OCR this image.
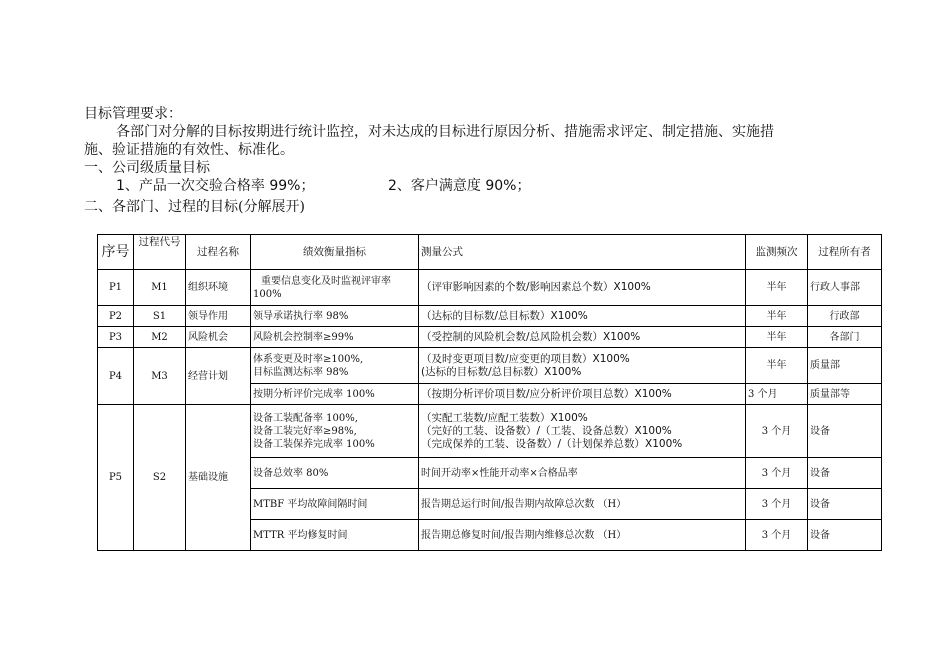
目标管理要求：
各部门对分解的目标按期进行统计监控，对未达成的目标进行原因分析、措施需求评定、制定措施、实施措
施、验证措施的有效性、标准化。
一、公司级质量目标
1、产品一次交验合格率 99%；	2、客户满意度 90%；
二、各部门、过程的目标(分解展开)
序号	过程代号	过程名称	绩效衡量指标	测量公式	监测频次	过程所有者
P1	M1	组织环境	重要信息变化及时监视评审率
100%	（评审影响因素的个数/影响因素总个数）X100%	半年	行政人事部
P2	S1	领导作用	领导承诺执行率 98%	（达标的目标数/总目标数）X100%	半年	行政部
P3	M2	风险机会	风险机会控制率≥99%	（受控制的风险机会数/总风险机会数）X100%	半年	各部门
P4	M3	经营计划	体系变更及时率≥100%,
目标监测达标率 98%	（及时变更项目数/应变更的项目数）X100%
(达标的目标数/总目标数）X100%	半年	质量部
			按期分析评价完成率 100%	（按期分析评价项目数/应分析评价项目总数）X100%	3 个月	质量部等
P5	S2	基础设施	设备工装配备率 100%,
设备工装完好率≥98%,
设备工装保养完成率 100%	（实配工装数/应配工装数）X100%
（完好的工装、设备数）/（工装、设备总数）X100%
（完成保养的工装、设备数）/（计划保养总数）X100%	3 个月	设备
			设备总效率 80%	时间开动率×性能开动率×合格品率	3 个月	设备
			MTBF 平均故障间隔时间	报告期总运行时间/报告期内故障总次数 （H）	3 个月	设备
			MTTR 平均修复时间	报告期总修复时间/报告期内维修总次数 （H）	3 个月	设备
